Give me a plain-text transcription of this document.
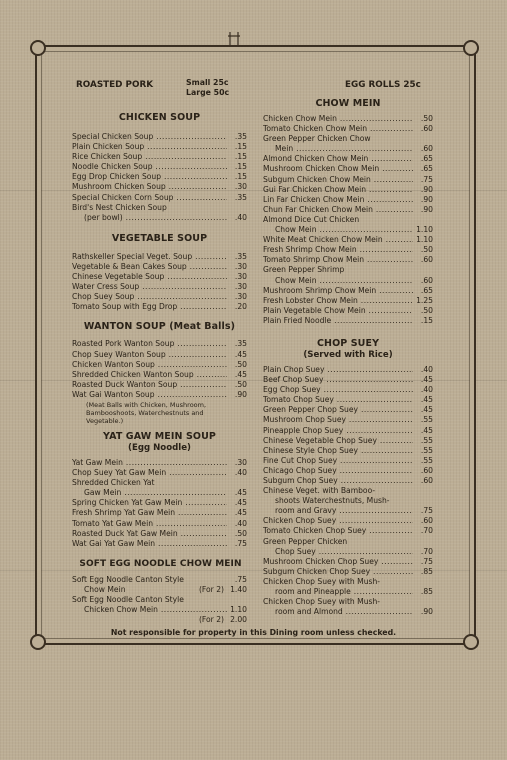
ROASTED PORK	Small 25c
Large 50c
EGG ROLLS 25c
CHICKEN SOUP
Special Chicken Soup .....	.35
Plain Chicken Soup .....	.15
Rice Chicken Soup .....	.15
Noodle Chicken Soup .....	.15
Egg Drop Chicken Soup .....	.15
Mushroom Chicken Soup .....	.30
Special Chicken Corn Soup .....	.35
Bird's Nest Chicken Soup
(per bowl) .....	.40
VEGETABLE SOUP
Rathskeller Special Veget. Soup .....	.35
Vegetable & Bean Cakes Soup .....	.30
Chinese Vegetable Soup .....	.30
Water Cress Soup .....	.30
Chop Suey Soup .....	.30
Tomato Soup with Egg Drop .....	.20
WANTON SOUP (Meat Balls)
Roasted Pork Wanton Soup .....	.35
Chop Suey Wanton Soup .....	.45
Chicken Wanton Soup .....	.50
Shredded Chicken Wanton Soup .....	.45
Roasted Duck Wanton Soup .....	.50
Wat Gai Wanton Soup .....	.90
(Meat Balls with Chicken, Mushroom, Bambooshoots, Waterchestnuts and Vegetable.)
YAT GAW MEIN SOUP
(Egg Noodle)
Yat Gaw Mein .....	.30
Chop Suey Yat Gaw Mein .....	.40
Shredded Chicken Yat
Gaw Mein .....	.45
Spring Chicken Yat Gaw Mein .....	.45
Fresh Shrimp Yat Gaw Mein .....	.45
Tomato Yat Gaw Mein .....	.40
Roasted Duck Yat Gaw Mein .....	.50
Wat Gai Yat Gaw Mein .....	.75
SOFT EGG NOODLE CHOW MEIN
Soft Egg Noodle Canton Style	.75
Chow Mein	(For 2) 1.40
Soft Egg Noodle Canton Style
Chicken Chow Mein .....	1.10
(For 2) 2.00
CHOW MEIN
Chicken Chow Mein .....	.50
Tomato Chicken Chow Mein .....	.60
Green Pepper Chicken Chow
Mein .....	.60
Almond Chicken Chow Mein .....	.65
Mushroom Chicken Chow Mein .....	.65
Subgum Chicken Chow Mein .....	.75
Gui Far Chicken Chow Mein .....	.90
Lin Far Chicken Chow Mein .....	.90
Chun Far Chicken Chow Mein .....	.90
Almond Dice Cut Chicken
Chow Mein .....	1.10
White Meat Chicken Chow Mein .....	1.10
Fresh Shrimp Chow Mein .....	.50
Tomato Shrimp Chow Mein .....	.60
Green Pepper Shrimp
Chow Mein .....	.60
Mushroom Shrimp Chow Mein .....	.65
Fresh Lobster Chow Mein .....	1.25
Plain Vegetable Chow Mein .....	.50
Plain Fried Noodle .....	.15
CHOP SUEY
(Served with Rice)
Plain Chop Suey .....	.40
Beef Chop Suey .....	.45
Egg Chop Suey .....	.40
Tomato Chop Suey .....	.45
Green Pepper Chop Suey .....	.45
Mushroom Chop Suey .....	.55
Pineapple Chop Suey .....	.45
Chinese Vegetable Chop Suey .....	.55
Chinese Style Chop Suey .....	.55
Fine Cut Chop Suey .....	.55
Chicago Chop Suey .....	.60
Subgum Chop Suey .....	.60
Chinese Veget. with Bamboo-
shoots Waterchestnuts, Mush-
room and Gravy .....	.75
Chicken Chop Suey .....	.60
Tomato Chicken Chop Suey .....	.70
Green Pepper Chicken
Chop Suey .....	.70
Mushroom Chicken Chop Suey .....	.75
Subgum Chicken Chop Suey .....	.85
Chicken Chop Suey with Mush-
room and Pineapple .....	.85
Chicken Chop Suey with Mush-
room and Almond .....	.90
Not responsible for property in this Dining room unless checked.
